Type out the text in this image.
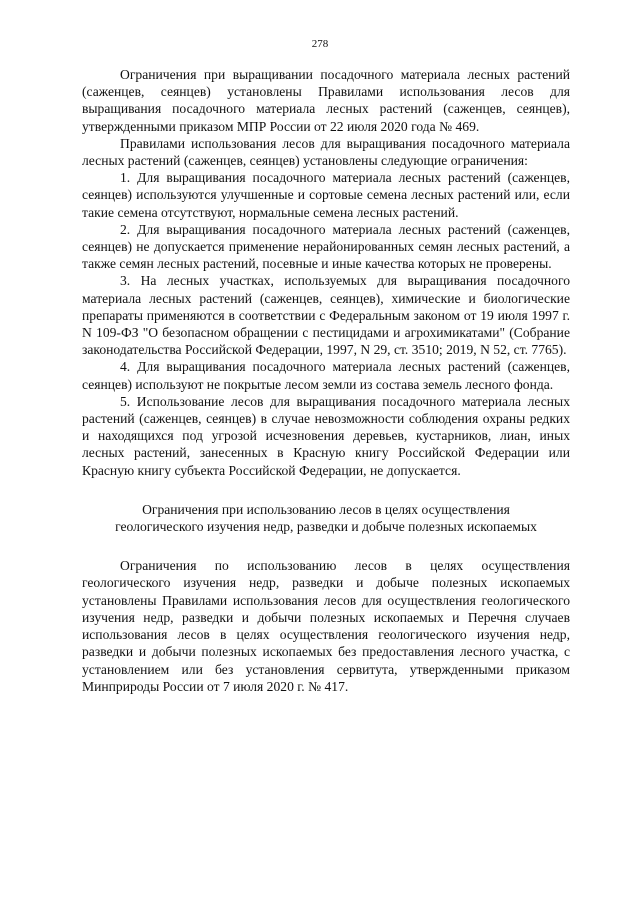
278

Ограничения при выращивании посадочного материала лесных растений (саженцев, сеянцев) установлены Правилами использования лесов для выращивания посадочного материала лесных растений (саженцев, сеянцев), утвержденными приказом МПР России от 22 июля 2020 года № 469.

Правилами использования лесов для выращивания посадочного материала лесных растений (саженцев, сеянцев) установлены следующие ограничения:

1. Для выращивания посадочного материала лесных растений (саженцев, сеянцев) используются улучшенные и сортовые семена лесных растений или, если такие семена отсутствуют, нормальные семена лесных растений.

2. Для выращивания посадочного материала лесных растений (саженцев, сеянцев) не допускается применение нерайонированных семян лесных растений, а также семян лесных растений, посевные и иные качества которых не проверены.

3. На лесных участках, используемых для выращивания посадочного материала лесных растений (саженцев, сеянцев), химические и биологические препараты применяются в соответствии с Федеральным законом от 19 июля 1997 г. N 109-ФЗ "О безопасном обращении с пестицидами и агрохимикатами" (Собрание законодательства Российской Федерации, 1997, N 29, ст. 3510; 2019, N 52, ст. 7765).

4. Для выращивания посадочного материала лесных растений (саженцев, сеянцев) используют не покрытые лесом земли из состава земель лесного фонда.

5. Использование лесов для выращивания посадочного материала лесных растений (саженцев, сеянцев) в случае невозможности соблюдения охраны редких и находящихся под угрозой исчезновения деревьев, кустарников, лиан, иных лесных растений, занесенных в Красную книгу Российской Федерации или Красную книгу субъекта Российской Федерации, не допускается.

Ограничения при использованию лесов в целях осуществления

геологического изучения недр, разведки и добыче полезных ископаемых

Ограничения по использованию лесов в целях осуществления геологического изучения недр, разведки и добыче полезных ископаемых установлены Правилами использования лесов для осуществления геологического изучения недр, разведки и добычи полезных ископаемых и Перечня случаев использования лесов в целях осуществления геологического изучения недр, разведки и добычи полезных ископаемых без предоставления лесного участка, с установлением или без установления сервитута, утвержденными приказом Минприроды России от 7 июля 2020 г. № 417.
